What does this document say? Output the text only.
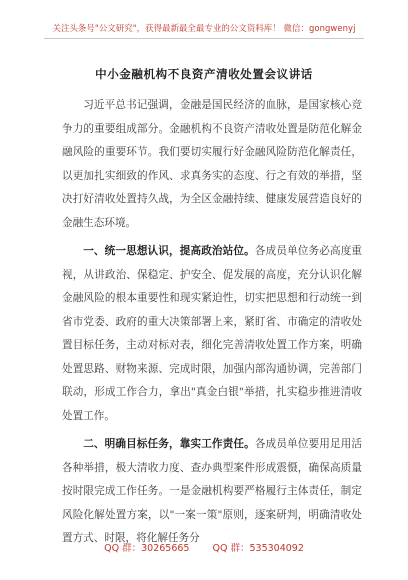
关注头条号"公文研究"，获得最新最全最专业的公文资料库！ 微信：gongwenyj
中小金融机构不良资产清收处置会议讲话

习近平总书记强调，金融是国民经济的血脉，是国家核心竞争力的重要组成部分。金融机构不良资产清收处置是防范化解金融风险的重要环节。我们要切实履行好金融风险防范化解责任，以更加扎实细致的作风、求真务实的态度、行之有效的举措，坚决打好清收处置持久战，为全区金融持续、健康发展营造良好的金融生态环境。

一、统一思想认识，提高政治站位。各成员单位务必高度重视，从讲政治、保稳定、护安全、促发展的高度，充分认识化解金融风险的根本重要性和现实紧迫性，切实把思想和行动统一到省市党委、政府的重大决策部署上来，紧盯省、市确定的清收处置目标任务，主动对标对表，细化完善清收处置工作方案，明确处置思路、财物来源、完成时限，加强内部沟通协调，完善部门联动，形成工作合力，拿出"真金白银"举措，扎实稳步推进清收处置工作。

二、明确目标任务，靠实工作责任。各成员单位要用足用活各种举措，极大清收力度、查办典型案件形成震慑，确保高质量按时限完成工作任务。一是金融机构要严格履行主体责任，制定风险化解处置方案，以"一案一策"原则，逐案研判，明确清收处置方式、时限，将化解任务分

QQ 群：30265665 QQ 群：535304092
